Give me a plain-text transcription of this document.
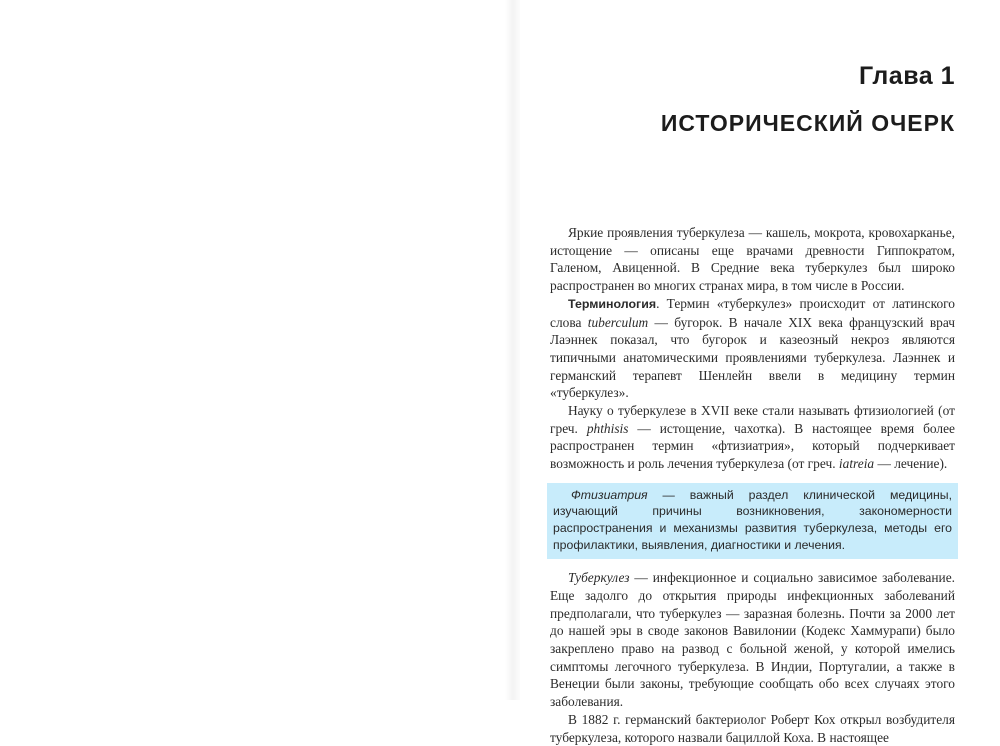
Глава 1
ИСТОРИЧЕСКИЙ ОЧЕРК

Яркие проявления туберкулеза — кашель, мокрота, кровохарканье, истощение — описаны еще врачами древности Гиппократом, Галеном, Авиценной. В Средние века туберкулез был широко распространен во многих странах мира, в том числе в России.

Терминология. Термин «туберкулез» происходит от латинского слова tuberculum — бугорок. В начале XIX века французский врач Лаэннек показал, что бугорок и казеозный некроз являются типичными анатомическими проявлениями туберкулеза. Лаэннек и германский терапевт Шенлейн ввели в медицину термин «туберкулез».

Науку о туберкулезе в XVII веке стали называть фтизиологией (от греч. phthisis — истощение, чахотка). В настоящее время более распространен термин «фтизиатрия», который подчеркивает возможность и роль лечения туберкулеза (от греч. iatreia — лечение).

Фтизиатрия — важный раздел клинической медицины, изучающий причины возникновения, закономерности распространения и механизмы развития туберкулеза, методы его профилактики, выявления, диагностики и лечения.

Туберкулез — инфекционное и социально зависимое заболевание. Еще задолго до открытия природы инфекционных заболеваний предполагали, что туберкулез — заразная болезнь. Почти за 2000 лет до нашей эры в своде законов Вавилонии (Кодекс Хаммурапи) было закреплено право на развод с больной женой, у которой имелись симптомы легочного туберкулеза. В Индии, Португалии, а также в Венеции были законы, требующие сообщать обо всех случаях этого заболевания.

В 1882 г. германский бактериолог Роберт Кох открыл возбудителя туберкулеза, которого назвали бациллой Коха. В настоящее
